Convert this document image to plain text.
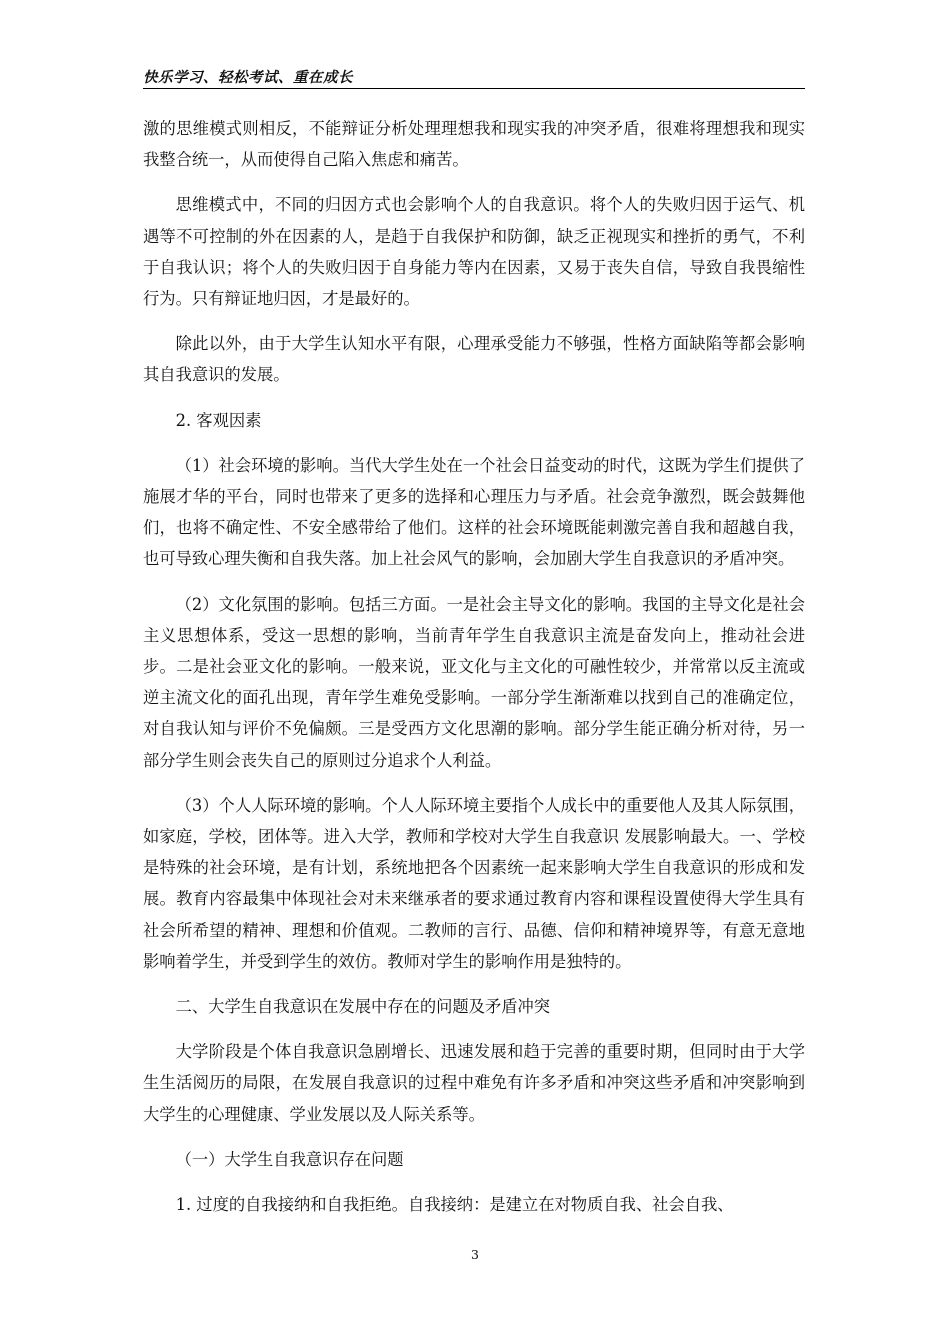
快乐学习、轻松考试、重在成长

激的思维模式则相反，不能辩证分析处理理想我和现实我的冲突矛盾，很难将理想我和现实我整合统一，从而使得自己陷入焦虑和痛苦。

思维模式中，不同的归因方式也会影响个人的自我意识。将个人的失败归因于运气、机遇等不可控制的外在因素的人，是趋于自我保护和防御，缺乏正视现实和挫折的勇气，不利于自我认识；将个人的失败归因于自身能力等内在因素，又易于丧失自信，导致自我畏缩性行为。只有辩证地归因，才是最好的。

除此以外，由于大学生认知水平有限，心理承受能力不够强，性格方面缺陷等都会影响其自我意识的发展。

2. 客观因素

（1）社会环境的影响。当代大学生处在一个社会日益变动的时代，这既为学生们提供了施展才华的平台，同时也带来了更多的选择和心理压力与矛盾。社会竞争激烈，既会鼓舞他们，也将不确定性、不安全感带给了他们。这样的社会环境既能刺激完善自我和超越自我，也可导致心理失衡和自我失落。加上社会风气的影响，会加剧大学生自我意识的矛盾冲突。

（2）文化氛围的影响。包括三方面。一是社会主导文化的影响。我国的主导文化是社会主义思想体系，受这一思想的影响，当前青年学生自我意识主流是奋发向上，推动社会进步。二是社会亚文化的影响。一般来说，亚文化与主文化的可融性较少，并常常以反主流或逆主流文化的面孔出现，青年学生难免受影响。一部分学生渐渐难以找到自己的准确定位，对自我认知与评价不免偏颇。三是受西方文化思潮的影响。部分学生能正确分析对待，另一部分学生则会丧失自己的原则过分追求个人利益。

（3）个人人际环境的影响。个人人际环境主要指个人成长中的重要他人及其人际氛围，如家庭，学校，团体等。进入大学，教师和学校对大学生自我意识 发展影响最大。一、学校是特殊的社会环境，是有计划，系统地把各个因素统一起来影响大学生自我意识的形成和发展。教育内容最集中体现社会对未来继承者的要求通过教育内容和课程设置使得大学生具有社会所希望的精神、理想和价值观。二教师的言行、品德、信仰和精神境界等，有意无意地影响着学生，并受到学生的效仿。教师对学生的影响作用是独特的。

二、大学生自我意识在发展中存在的问题及矛盾冲突

大学阶段是个体自我意识急剧增长、迅速发展和趋于完善的重要时期，但同时由于大学生生活阅历的局限，在发展自我意识的过程中难免有许多矛盾和冲突这些矛盾和冲突影响到大学生的心理健康、学业发展以及人际关系等。

（一）大学生自我意识存在问题

1. 过度的自我接纳和自我拒绝。自我接纳：是建立在对物质自我、社会自我、

3
